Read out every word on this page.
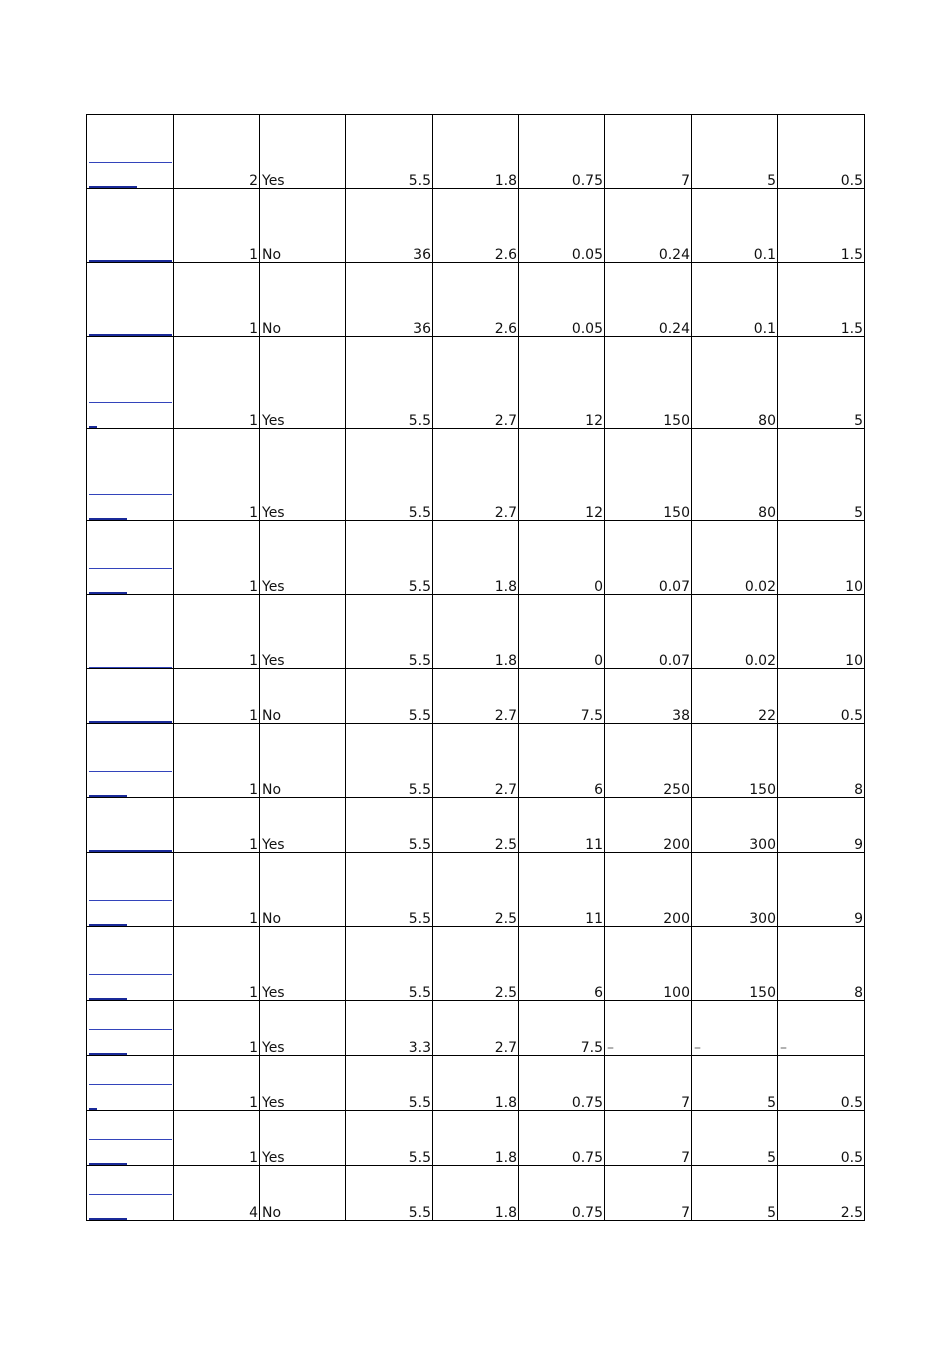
	2	Yes	5.5	1.8	0.75	7	5	0.5

	1	No	36	2.6	0.05	0.24	0.1	1.5

	1	No	36	2.6	0.05	0.24	0.1	1.5

	1	Yes	5.5	2.7	12	150	80	5

	1	Yes	5.5	2.7	12	150	80	5

	1	Yes	5.5	1.8	0	0.07	0.02	10

	1	Yes	5.5	1.8	0	0.07	0.02	10

	1	No	5.5	2.7	7.5	38	22	0.5

	1	No	5.5	2.7	6	250	150	8

	1	Yes	5.5	2.5	11	200	300	9

	1	No	5.5	2.5	11	200	300	9

	1	Yes	5.5	2.5	6	100	150	8

	1	Yes	3.3	2.7	7.5	–	–	–

	1	Yes	5.5	1.8	0.75	7	5	0.5

	1	Yes	5.5	1.8	0.75	7	5	0.5

	4	No	5.5	1.8	0.75	7	5	2.5
